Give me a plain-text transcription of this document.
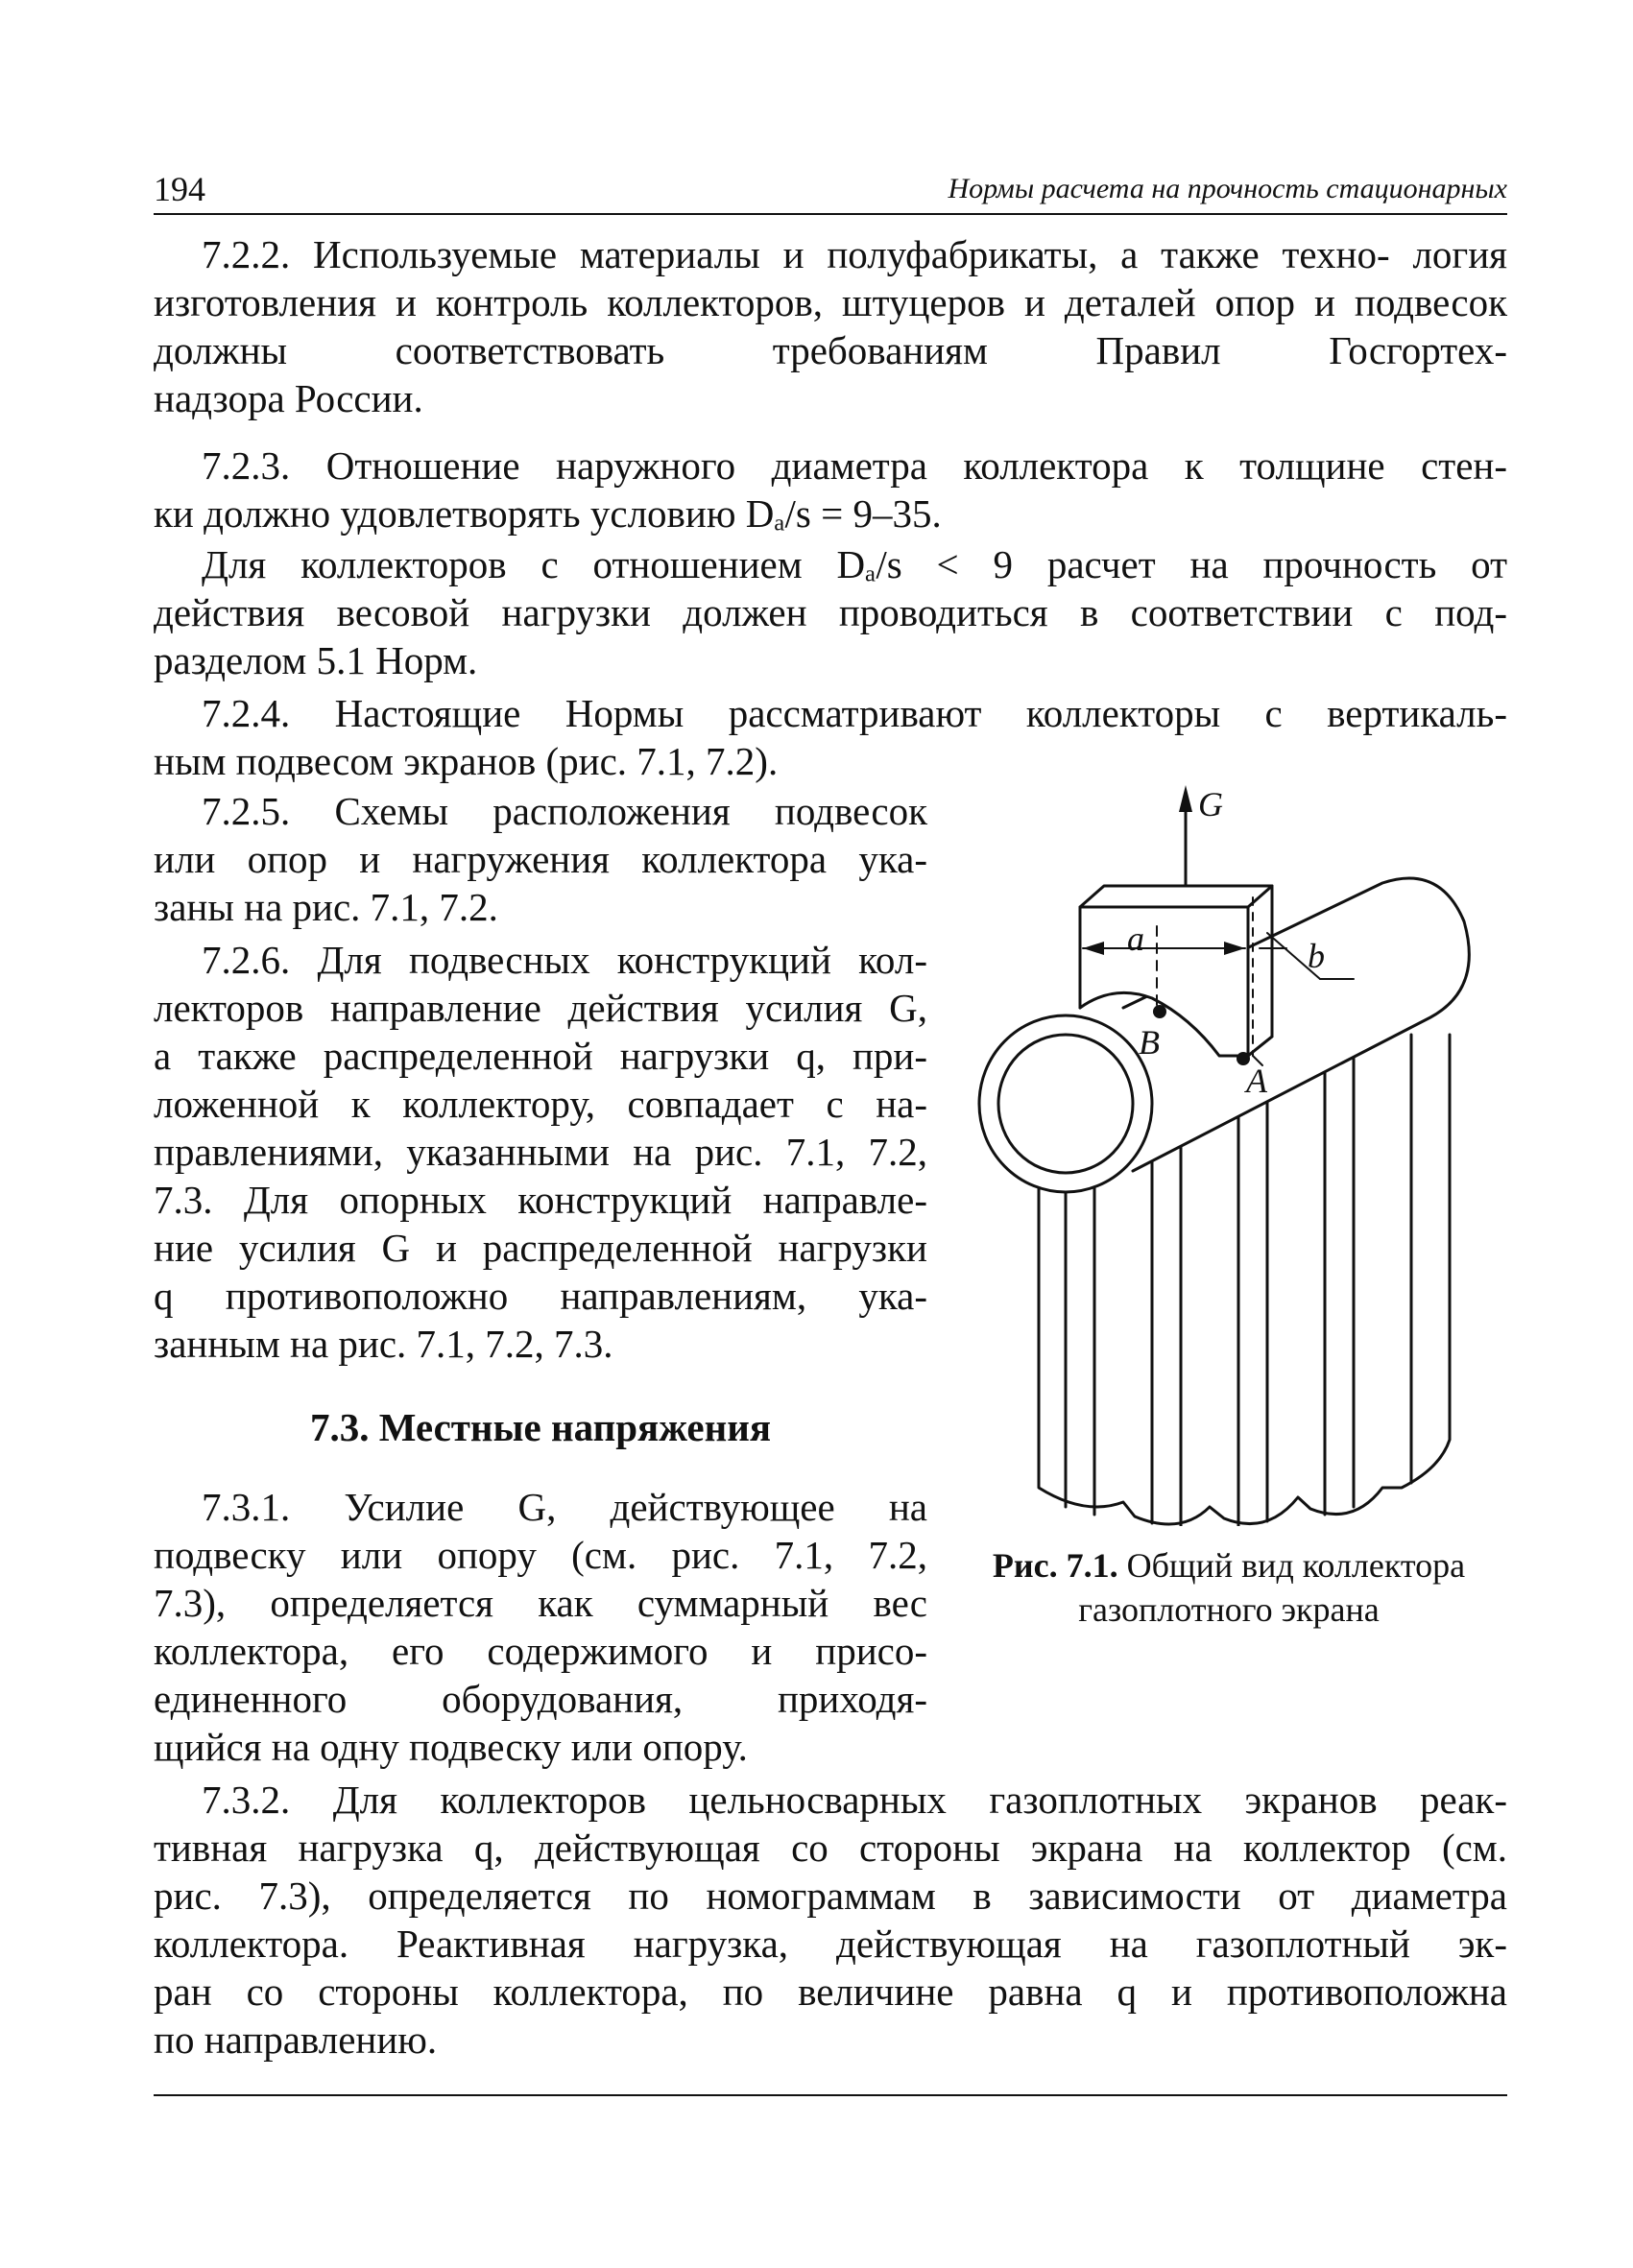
194	Нормы расчета на прочность стационарных
7.2.2. Используемые материалы и полуфабрикаты, а также техно- логия изготовления и контроль коллекторов, штуцеров и деталей опор и подвесок должны соответствовать требованиям Правил Госгортех-
надзора России.
7.2.3. Отношение наружного диаметра коллектора к толщине стен-
ки должно удовлетворять условию Dₐ/s = 9–35.
Для коллекторов с отношением Dₐ/s < 9 расчет на прочность от
действия весовой нагрузки должен проводиться в соответствии с под-
разделом 5.1 Норм.
7.2.4. Настоящие Нормы рассматривают коллекторы с вертикаль-
ным подвесом экранов (рис. 7.1, 7.2).
7.2.5. Схемы расположения подвесок
или опор и нагружения коллектора ука-
заны на рис. 7.1, 7.2.
7.2.6. Для подвесных конструкций кол-
лекторов направление действия усилия G,
а также распределенной нагрузки q, при-
ложенной к коллектору, совпадает с на-
правлениями, указанными на рис. 7.1, 7.2,
7.3. Для опорных конструкций направле-
ние усилия G и распределенной нагрузки
q противоположно направлениям, ука-
занным на рис. 7.1, 7.2, 7.3.
7.3. Местные напряжения
7.3.1. Усилие G, действующее на
подвеску или опору (см. рис. 7.1, 7.2,
7.3), определяется как суммарный вес
коллектора, его содержимого и присо-
единенного оборудования, приходя-
щийся на одну подвеску или опору.
7.3.2. Для коллекторов цельносварных газоплотных экранов реак-
тивная нагрузка q, действующая со стороны экрана на коллектор (см.
рис. 7.3), определяется по номограммам в зависимости от диаметра
коллектора. Реактивная нагрузка, действующая на газоплотный эк-
ран со стороны коллектора, по величине равна q и противоположна
по направлению.
G
a	b
B
A
Рис. 7.1. Общий вид коллектора газоплотного экрана
